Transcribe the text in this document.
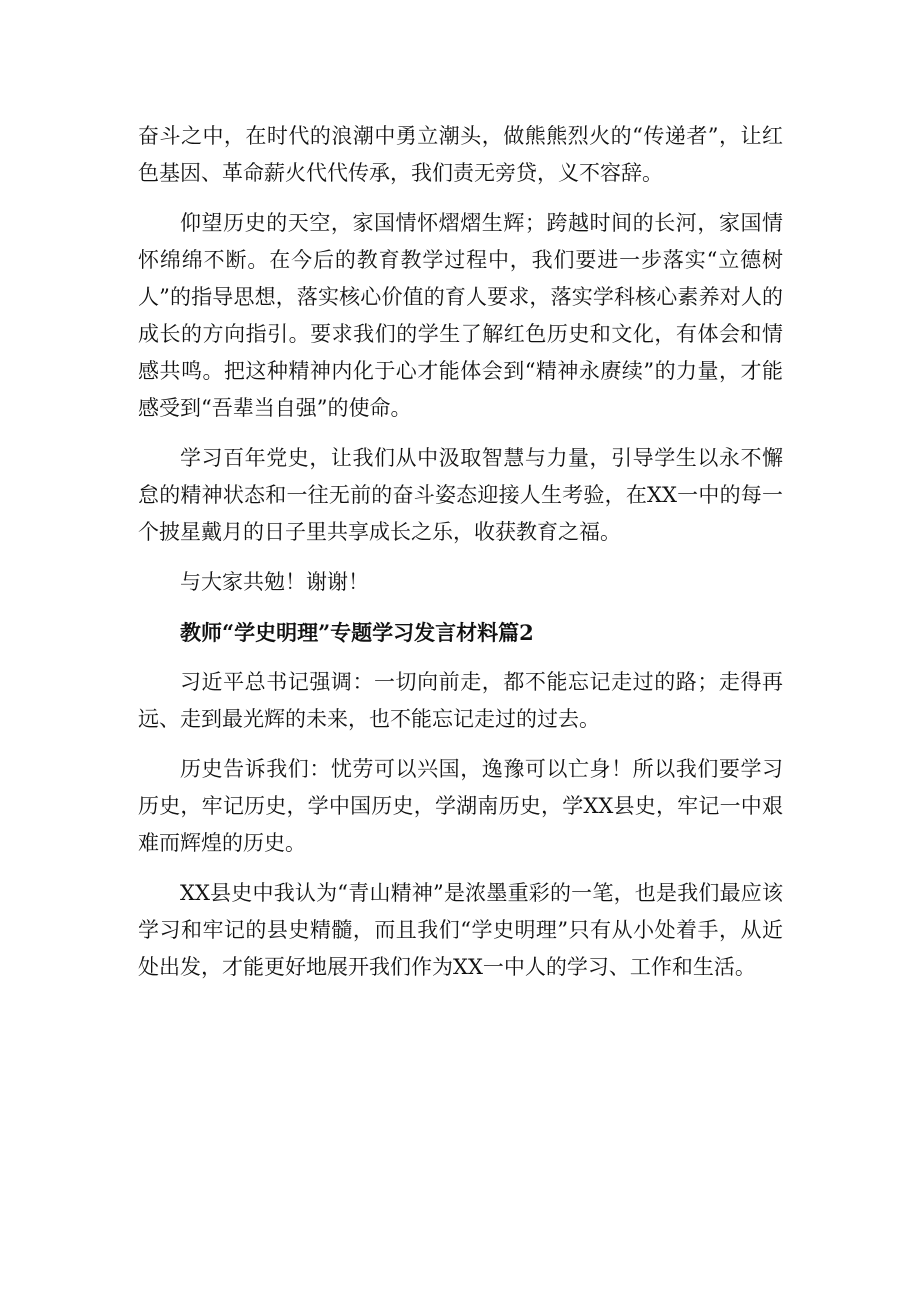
奋斗之中，在时代的浪潮中勇立潮头，做熊熊烈火的“传递者”，让红色基因、革命薪火代代传承，我们责无旁贷，义不容辞。

仰望历史的天空，家国情怀熠熠生辉；跨越时间的长河，家国情怀绵绵不断。在今后的教育教学过程中，我们要进一步落实“立德树人”的指导思想，落实核心价值的育人要求，落实学科核心素养对人的成长的方向指引。要求我们的学生了解红色历史和文化，有体会和情感共鸣。把这种精神内化于心才能体会到“精神永赓续”的力量，才能感受到“吾辈当自强”的使命。

学习百年党史，让我们从中汲取智慧与力量，引导学生以永不懈怠的精神状态和一往无前的奋斗姿态迎接人生考验，在XX一中的每一个披星戴月的日子里共享成长之乐，收获教育之福。

与大家共勉！谢谢！

教师“学史明理”专题学习发言材料篇2

习近平总书记强调：一切向前走，都不能忘记走过的路；走得再远、走到最光辉的未来，也不能忘记走过的过去。

历史告诉我们：忧劳可以兴国，逸豫可以亡身！所以我们要学习历史，牢记历史，学中国历史，学湖南历史，学XX县史，牢记一中艰难而辉煌的历史。

XX县史中我认为“青山精神”是浓墨重彩的一笔，也是我们最应该学习和牢记的县史精髓，而且我们“学史明理”只有从小处着手，从近处出发，才能更好地展开我们作为XX一中人的学习、工作和生活。
